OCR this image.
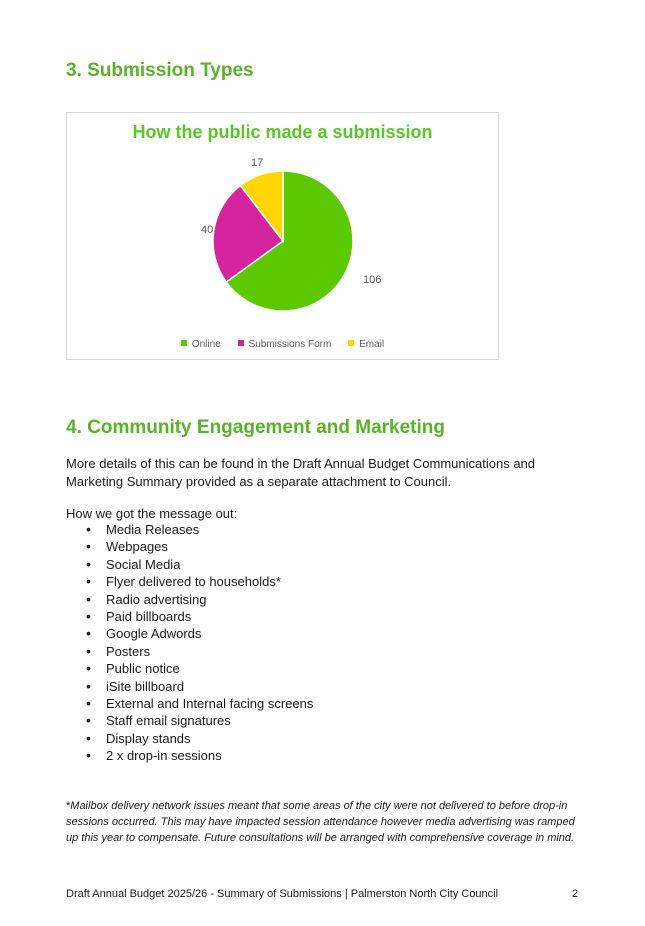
3. Submission Types
How the public made a submission
106
40
17
Online	Submissions Form	Email
4. Community Engagement and Marketing

More details of this can be found in the Draft Annual Budget Communications and Marketing Summary provided as a separate attachment to Council.

How we got the message out:

• Media Releases
• Webpages
• Social Media
• Flyer delivered to households*
• Radio advertising
• Paid billboards
• Google Adwords
• Posters
• Public notice
• iSite billboard
• External and Internal facing screens
• Staff email signatures
• Display stands
• 2 x drop-in sessions

*Mailbox delivery network issues meant that some areas of the city were not delivered to before drop-in sessions occurred. This may have impacted session attendance however media advertising was ramped up this year to compensate. Future consultations will be arranged with comprehensive coverage in mind.

Draft Annual Budget 2025/26 - Summary of Submissions | Palmerston North City Council	2
